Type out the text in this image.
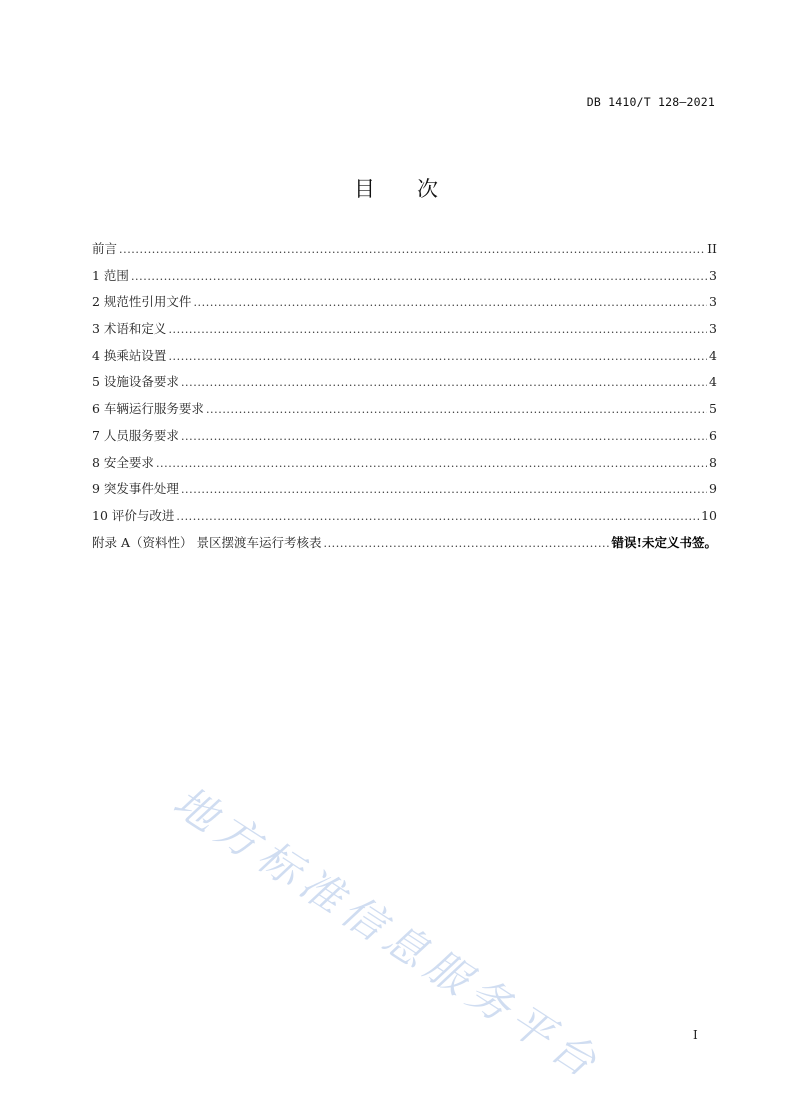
DB 1410/T 128—2021
目 次
前言 .....	II
1 范围 .....	3
2 规范性引用文件 .....	3
3 术语和定义 .....	3
4 换乘站设置 .....	4
5 设施设备要求 .....	4
6 车辆运行服务要求 .....	5
7 人员服务要求 .....	6
8 安全要求 .....	8
9 突发事件处理 .....	9
10 评价与改进 .....	10
附录 A（资料性） 景区摆渡车运行考核表 .....	错误!未定义书签。
地方标准信息服务平台	I
